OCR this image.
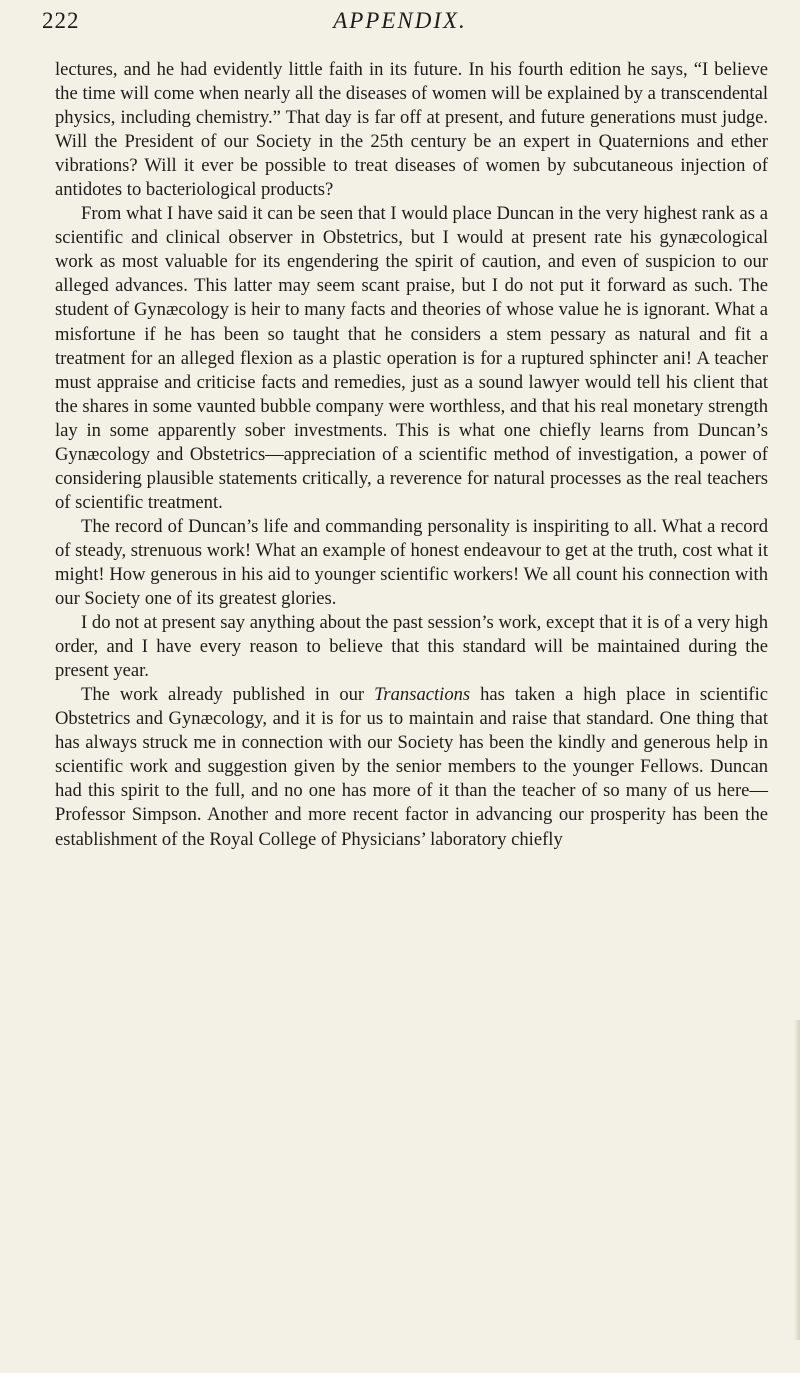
222	APPENDIX.

lectures, and he had evidently little faith in its future. In his fourth edition he says, “I believe the time will come when nearly all the diseases of women will be explained by a transcendental physics, including chemistry.” That day is far off at present, and future generations must judge. Will the President of our Society in the 25th century be an expert in Quaternions and ether vibrations? Will it ever be possible to treat diseases of women by subcutaneous injection of antidotes to bacteriological products?

From what I have said it can be seen that I would place Duncan in the very highest rank as a scientific and clinical observer in Obstetrics, but I would at present rate his gynæcological work as most valuable for its engendering the spirit of caution, and even of suspicion to our alleged advances. This latter may seem scant praise, but I do not put it forward as such. The student of Gynæcology is heir to many facts and theories of whose value he is ignorant. What a misfortune if he has been so taught that he considers a stem pessary as natural and fit a treatment for an alleged flexion as a plastic operation is for a ruptured sphincter ani! A teacher must appraise and criticise facts and remedies, just as a sound lawyer would tell his client that the shares in some vaunted bubble company were worthless, and that his real monetary strength lay in some apparently sober investments. This is what one chiefly learns from Duncan’s Gynæcology and Obstetrics—appreciation of a scientific method of investigation, a power of considering plausible statements critically, a reverence for natural processes as the real teachers of scientific treatment.

The record of Duncan’s life and commanding personality is inspiriting to all. What a record of steady, strenuous work! What an example of honest endeavour to get at the truth, cost what it might! How generous in his aid to younger scientific workers! We all count his connection with our Society one of its greatest glories.

I do not at present say anything about the past session’s work, except that it is of a very high order, and I have every reason to believe that this standard will be maintained during the present year.

The work already published in our Transactions has taken a high place in scientific Obstetrics and Gynæcology, and it is for us to maintain and raise that standard. One thing that has always struck me in connection with our Society has been the kindly and generous help in scientific work and suggestion given by the senior members to the younger Fellows. Duncan had this spirit to the full, and no one has more of it than the teacher of so many of us here—Professor Simpson. Another and more recent factor in advancing our prosperity has been the establishment of the Royal College of Physicians’ laboratory chiefly
